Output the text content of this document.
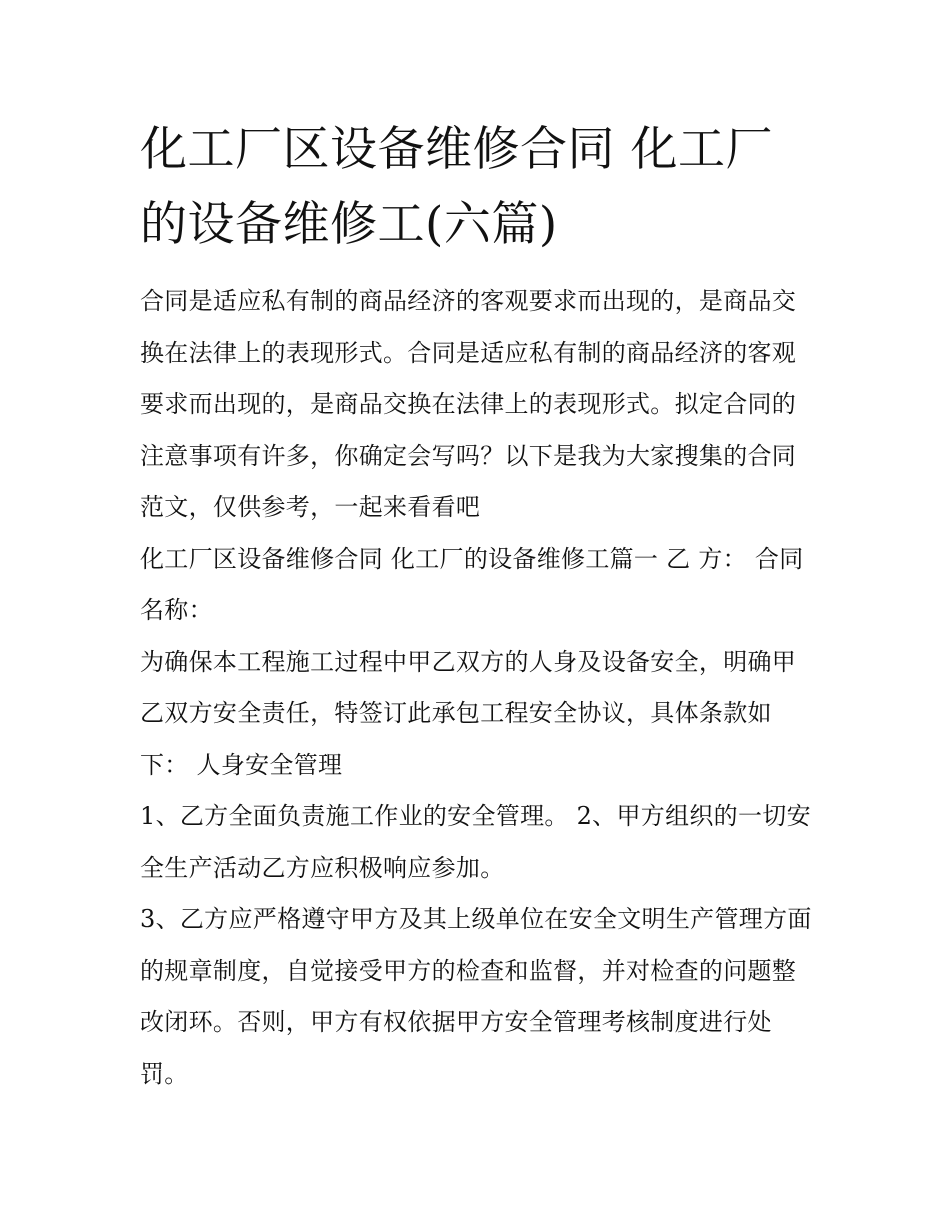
化工厂区设备维修合同 化工厂的设备维修工(六篇)

合同是适应私有制的商品经济的客观要求而出现的，是商品交换在法律上的表现形式。合同是适应私有制的商品经济的客观要求而出现的，是商品交换在法律上的表现形式。拟定合同的注意事项有许多，你确定会写吗？以下是我为大家搜集的合同范文，仅供参考，一起来看看吧

化工厂区设备维修合同 化工厂的设备维修工篇一 乙 方： 合同名称：

为确保本工程施工过程中甲乙双方的人身及设备安全，明确甲乙双方安全责任，特签订此承包工程安全协议，具体条款如下： 人身安全管理

1、乙方全面负责施工作业的安全管理。 2、甲方组织的一切安全生产活动乙方应积极响应参加。

3、乙方应严格遵守甲方及其上级单位在安全文明生产管理方面的规章制度，自觉接受甲方的检查和监督，并对检查的问题整改闭环。否则，甲方有权依据甲方安全管理考核制度进行处罚。
